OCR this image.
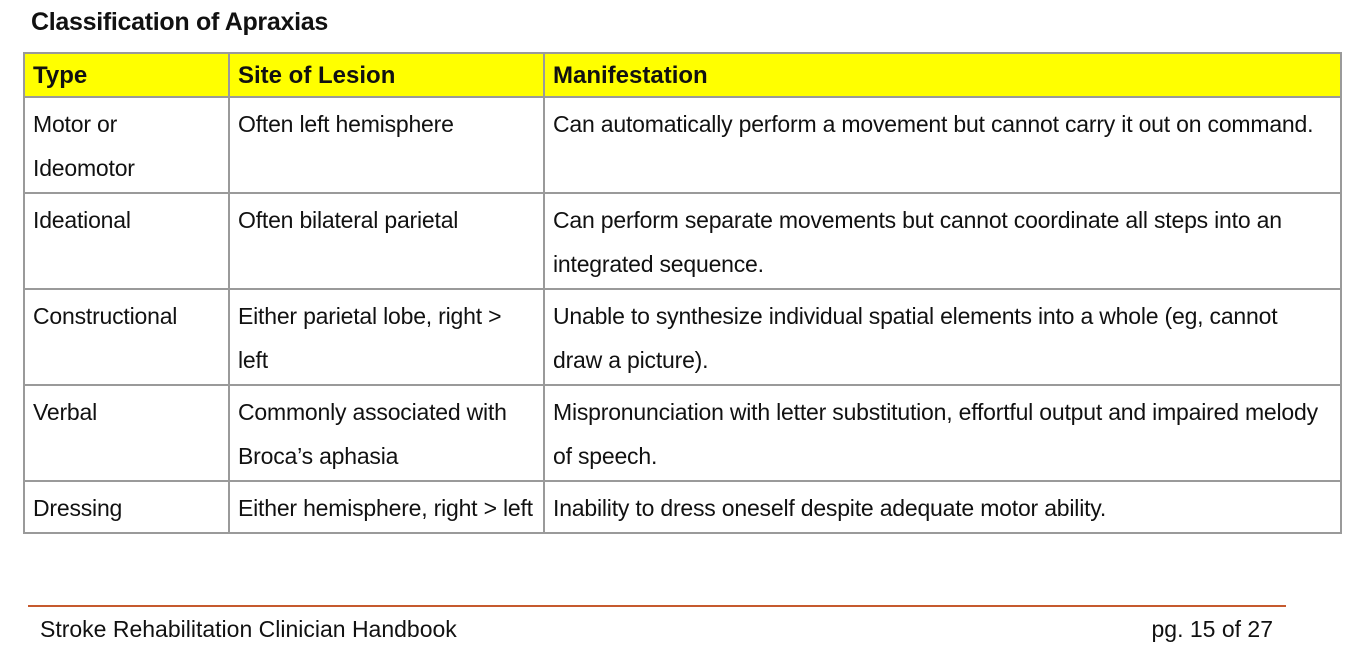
Classification of Apraxias
Type	Site of Lesion	Manifestation
Motor or Ideomotor	Often left hemisphere	Can automatically perform a movement but cannot carry it out on command.
Ideational	Often bilateral parietal	Can perform separate movements but cannot coordinate all steps into an integrated sequence.
Constructional	Either parietal lobe, right > left	Unable to synthesize individual spatial elements into a whole (eg, cannot draw a picture).
Verbal	Commonly associated with Broca’s aphasia	Mispronunciation with letter substitution, effortful output and impaired melody of speech.
Dressing	Either hemisphere, right > left	Inability to dress oneself despite adequate motor ability.
Stroke Rehabilitation Clinician Handbook	pg. 15 of 27
